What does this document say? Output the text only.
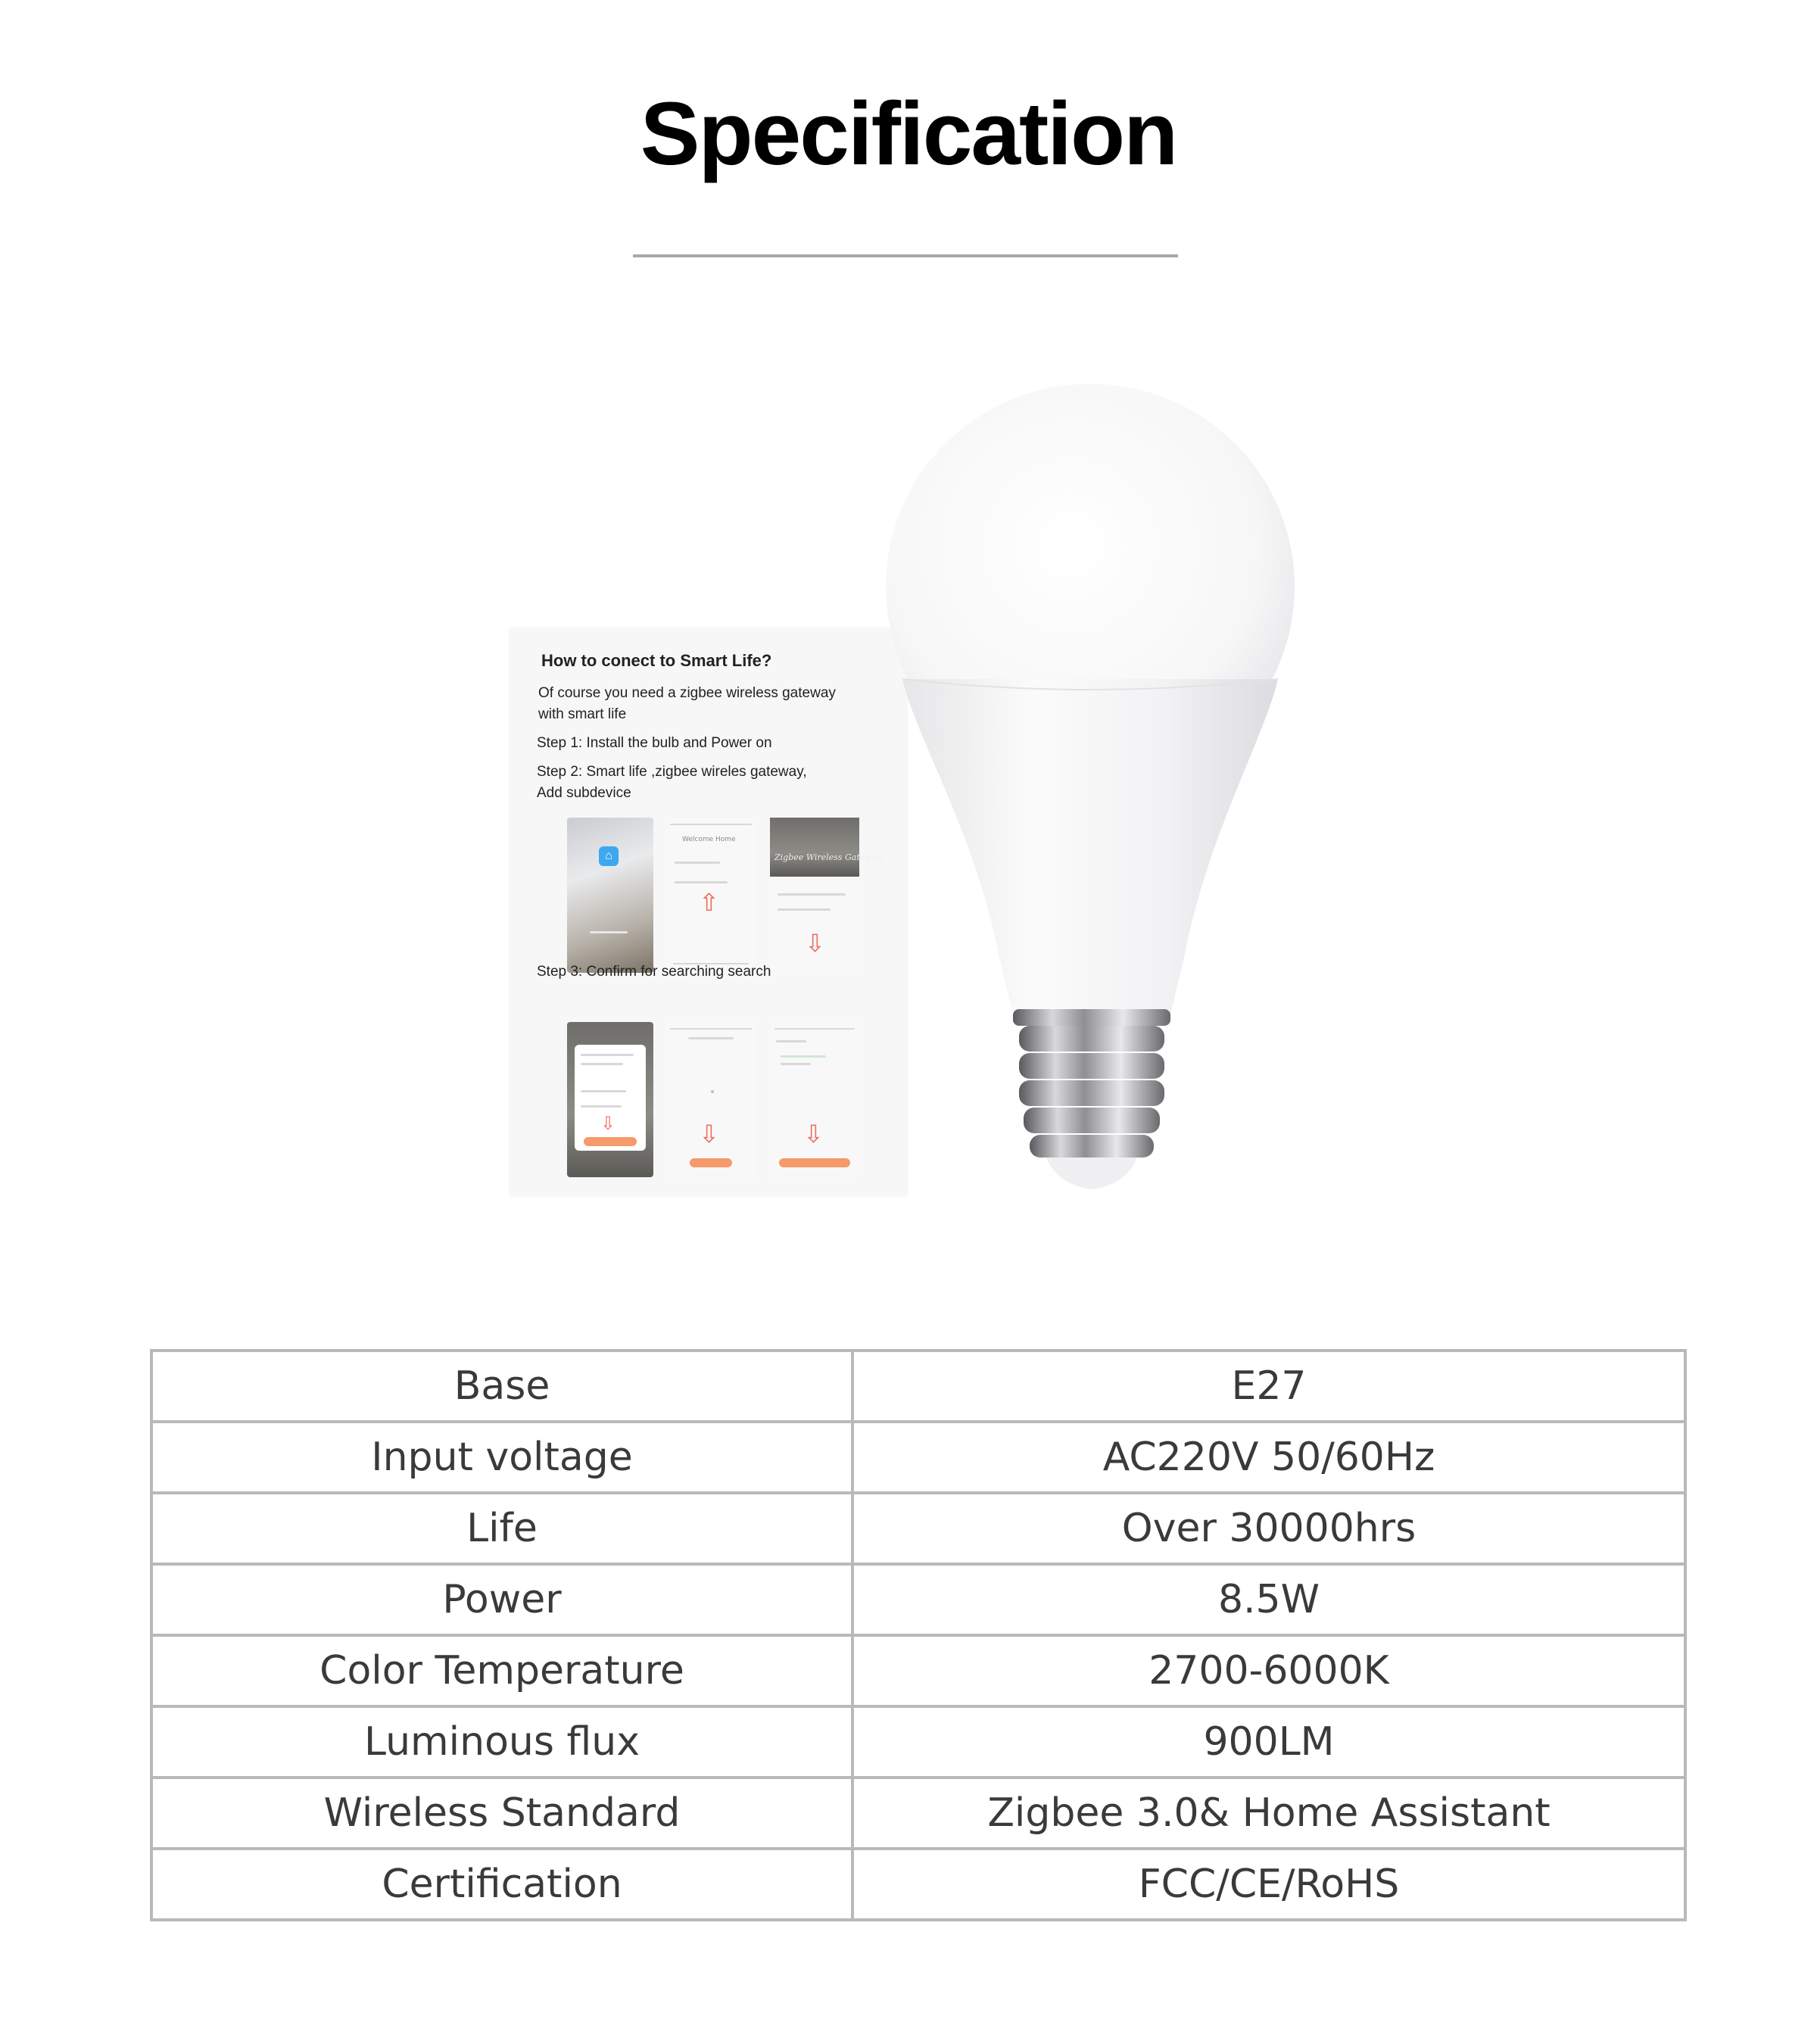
Specification
How to conect to Smart Life?
Of course you need a zigbee wireless gateway
with smart life
Step 1: Install the bulb and Power on
Step 2: Smart life ,zigbee wireles gateway,
Add subdevice
⌂
Welcome Home
⇧
Zigbee Wireless Gateway
⇩
Step 3: Confirm for searching search
⇩	⇩	⇩
Base	E27
Input voltage	AC220V 50/60Hz
Life	Over 30000hrs
Power	8.5W
Color Temperature	2700-6000K
Luminous flux	900LM
Wireless Standard	Zigbee 3.0& Home Assistant
Certification	FCC/CE/RoHS
